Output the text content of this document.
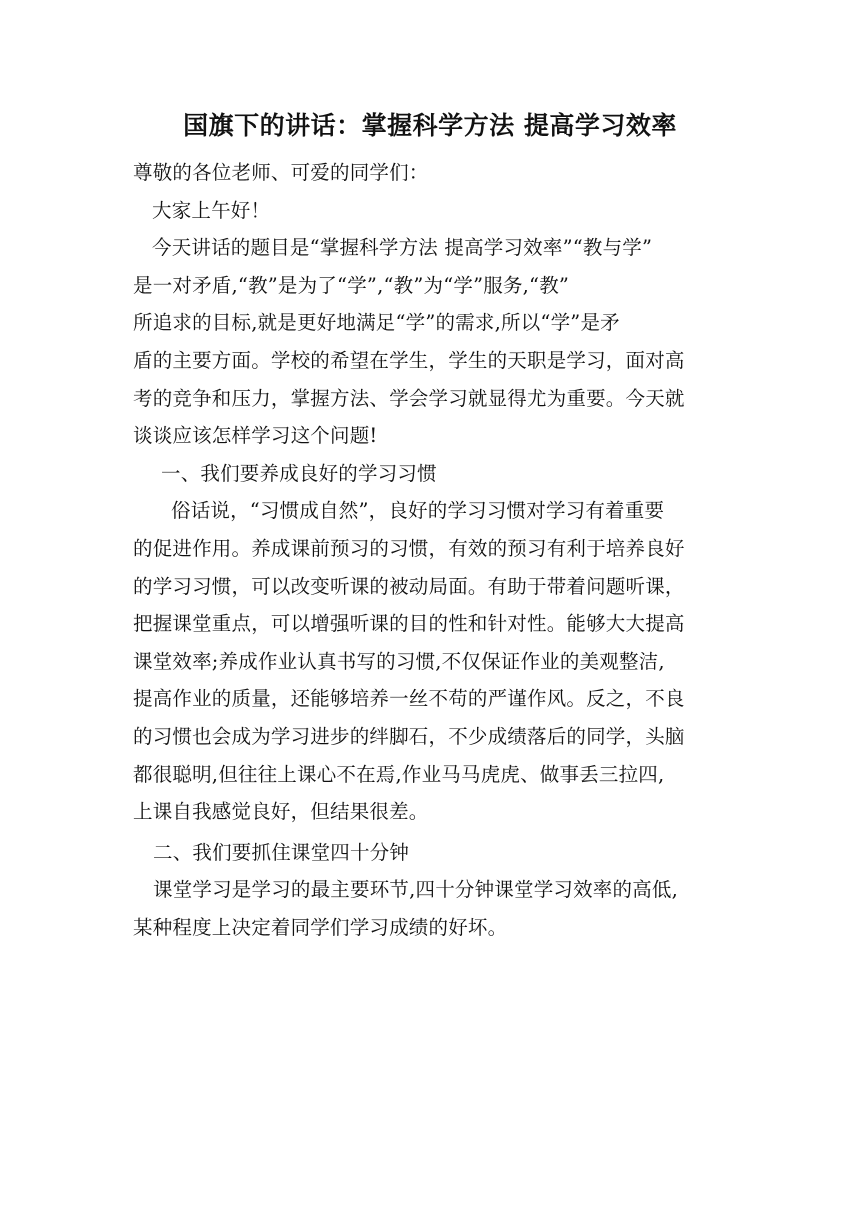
国旗下的讲话：掌握科学方法 提高学习效率
尊敬的各位老师、可爱的同学们：
大家上午好！
今天讲话的题目是“掌握科学方法 提高学习效率”“教与学”
是一对矛盾,“教”是为了“学”,“教”为“学”服务,“教”
所追求的目标,就是更好地满足“学”的需求,所以“学”是矛
盾的主要方面。学校的希望在学生，学生的天职是学习，面对高
考的竞争和压力，掌握方法、学会学习就显得尤为重要。今天就
谈谈应该怎样学习这个问题!
一、我们要养成良好的学习习惯
俗话说，“习惯成自然”，良好的学习习惯对学习有着重要
的促进作用。养成课前预习的习惯，有效的预习有利于培养良好
的学习习惯，可以改变听课的被动局面。有助于带着问题听课，
把握课堂重点，可以增强听课的目的性和针对性。能够大大提高
课堂效率;养成作业认真书写的习惯,不仅保证作业的美观整洁,
提高作业的质量，还能够培养一丝不苟的严谨作风。反之，不良
的习惯也会成为学习进步的绊脚石，不少成绩落后的同学，头脑
都很聪明,但往往上课心不在焉,作业马马虎虎、做事丢三拉四,
上课自我感觉良好，但结果很差。
二、我们要抓住课堂四十分钟
课堂学习是学习的最主要环节,四十分钟课堂学习效率的高低,
某种程度上决定着同学们学习成绩的好坏。
